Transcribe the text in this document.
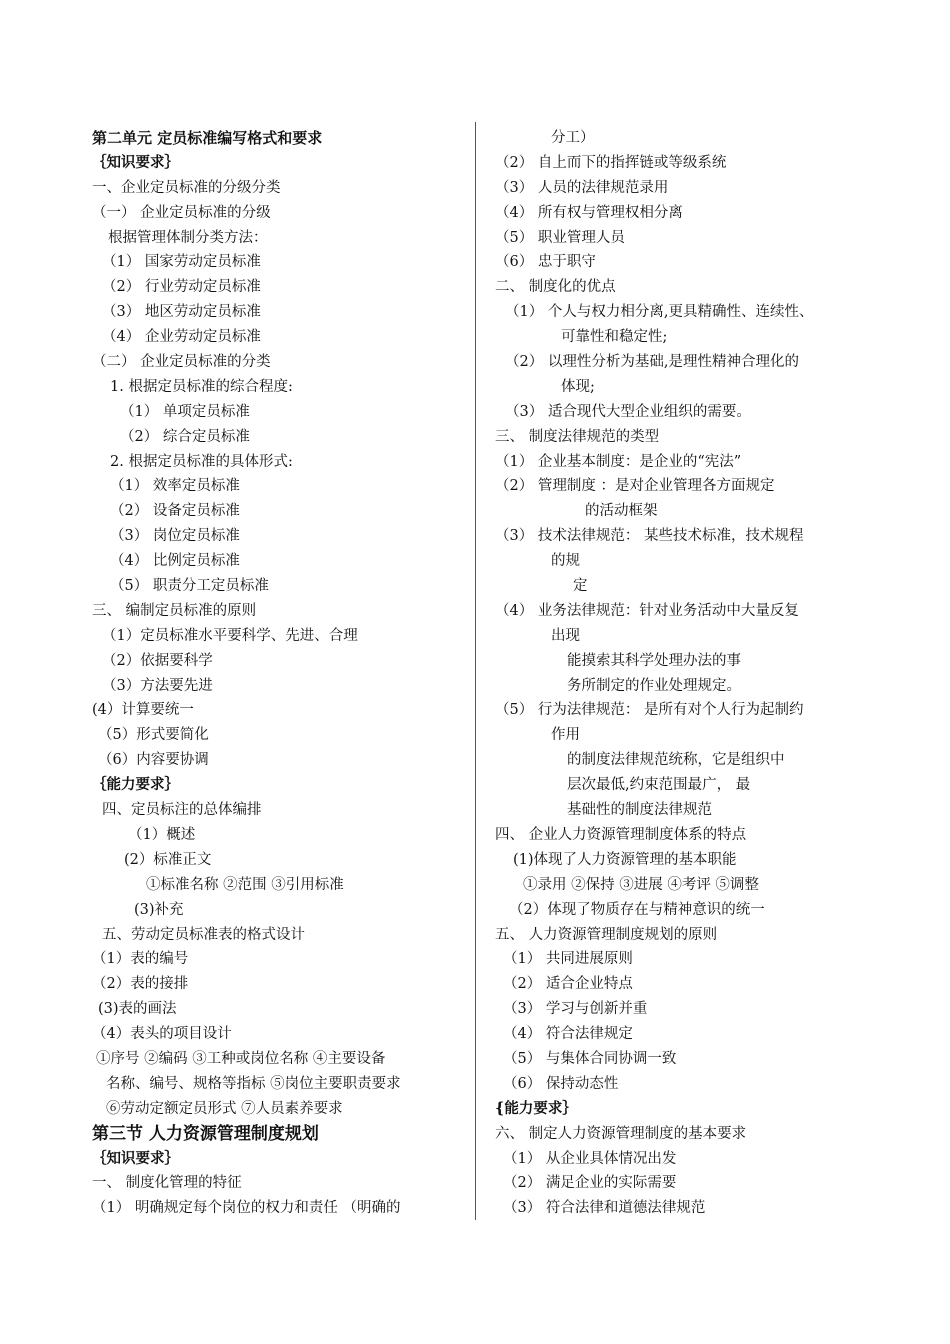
第二单元 定员标准编写格式和要求
｛知识要求｝
一、企业定员标准的分级分类
（一） 企业定员标准的分级
根据管理体制分类方法：
（1） 国家劳动定员标准
（2） 行业劳动定员标准
（3） 地区劳动定员标准
（4） 企业劳动定员标准
（二） 企业定员标准的分类
1. 根据定员标准的综合程度:
（1） 单项定员标准
（2） 综合定员标准
2. 根据定员标准的具体形式:
（1） 效率定员标准
（2） 设备定员标准
（3） 岗位定员标准
（4） 比例定员标准
（5） 职责分工定员标准
三、 编制定员标准的原则
（1）定员标准水平要科学、先进、合理
（2）依据要科学
（3）方法要先进
(4）计算要统一
（5）形式要简化
（6）内容要协调
｛能力要求｝
四、定员标注的总体编排
（1）概述
(2）标准正文
①标准名称 ②范围 ③引用标准
(3)补充
五、劳动定员标准表的格式设计
（1）表的编号
（2）表的接排
(3)表的画法
（4）表头的项目设计
①序号 ②编码 ③工种或岗位名称 ④主要设备
名称、编号、规格等指标 ⑤岗位主要职责要求
⑥劳动定额定员形式 ⑦人员素养要求
第三节 人力资源管理制度规划
｛知识要求｝
一、 制度化管理的特征
（1） 明确规定每个岗位的权力和责任 （明确的
分工）
（2） 自上而下的指挥链或等级系统
（3） 人员的法律规范录用
（4） 所有权与管理权相分离
（5） 职业管理人员
（6） 忠于职守
二、 制度化的优点
（1） 个人与权力相分离,更具精确性、连续性、
可靠性和稳定性;
（2） 以理性分析为基础,是理性精神合理化的
体现;
（3） 适合现代大型企业组织的需要。
三、 制度法律规范的类型
（1） 企业基本制度：是企业的“宪法”
（2） 管理制度 ：是对企业管理各方面规定
的活动框架
（3） 技术法律规范： 某些技术标准，技术规程
的规
定
（4） 业务法律规范：针对业务活动中大量反复
出现
能摸索其科学处理办法的事
务所制定的作业处理规定。
（5） 行为法律规范： 是所有对个人行为起制约
作用
的制度法律规范统称，它是组织中
层次最低,约束范围最广， 最
基础性的制度法律规范
四、 企业人力资源管理制度体系的特点
(1)体现了人力资源管理的基本职能
①录用 ②保持 ③进展 ④考评 ⑤调整
（2）体现了物质存在与精神意识的统一
五、 人力资源管理制度规划的原则
（1） 共同进展原则
（2） 适合企业特点
（3） 学习与创新并重
（4） 符合法律规定
（5） 与集体合同协调一致
（6） 保持动态性
{能力要求｝
六、 制定人力资源管理制度的基本要求
（1） 从企业具体情况出发
（2） 满足企业的实际需要
（3） 符合法律和道德法律规范
